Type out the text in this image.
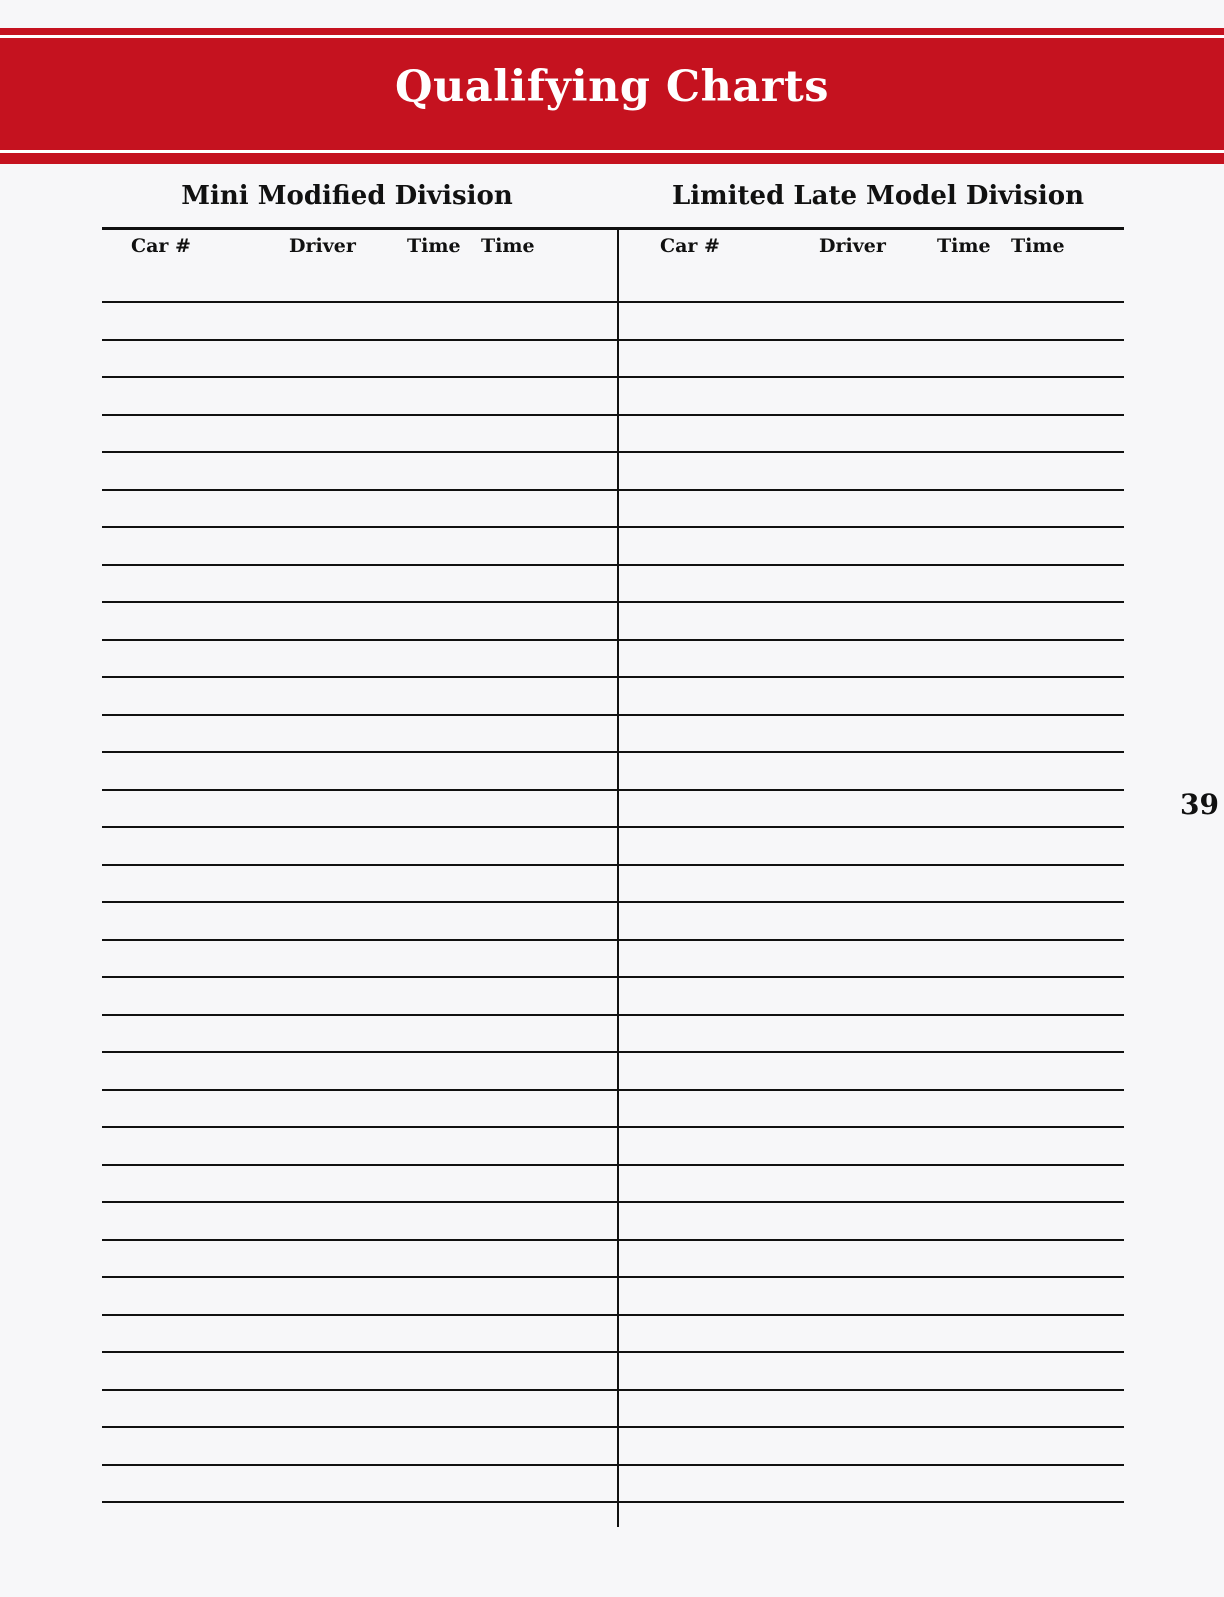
Qualifying Charts
Mini Modified Division	Limited Late Model Division
Car #	Driver	Time Time	Car #	Driver	Time Time
39
